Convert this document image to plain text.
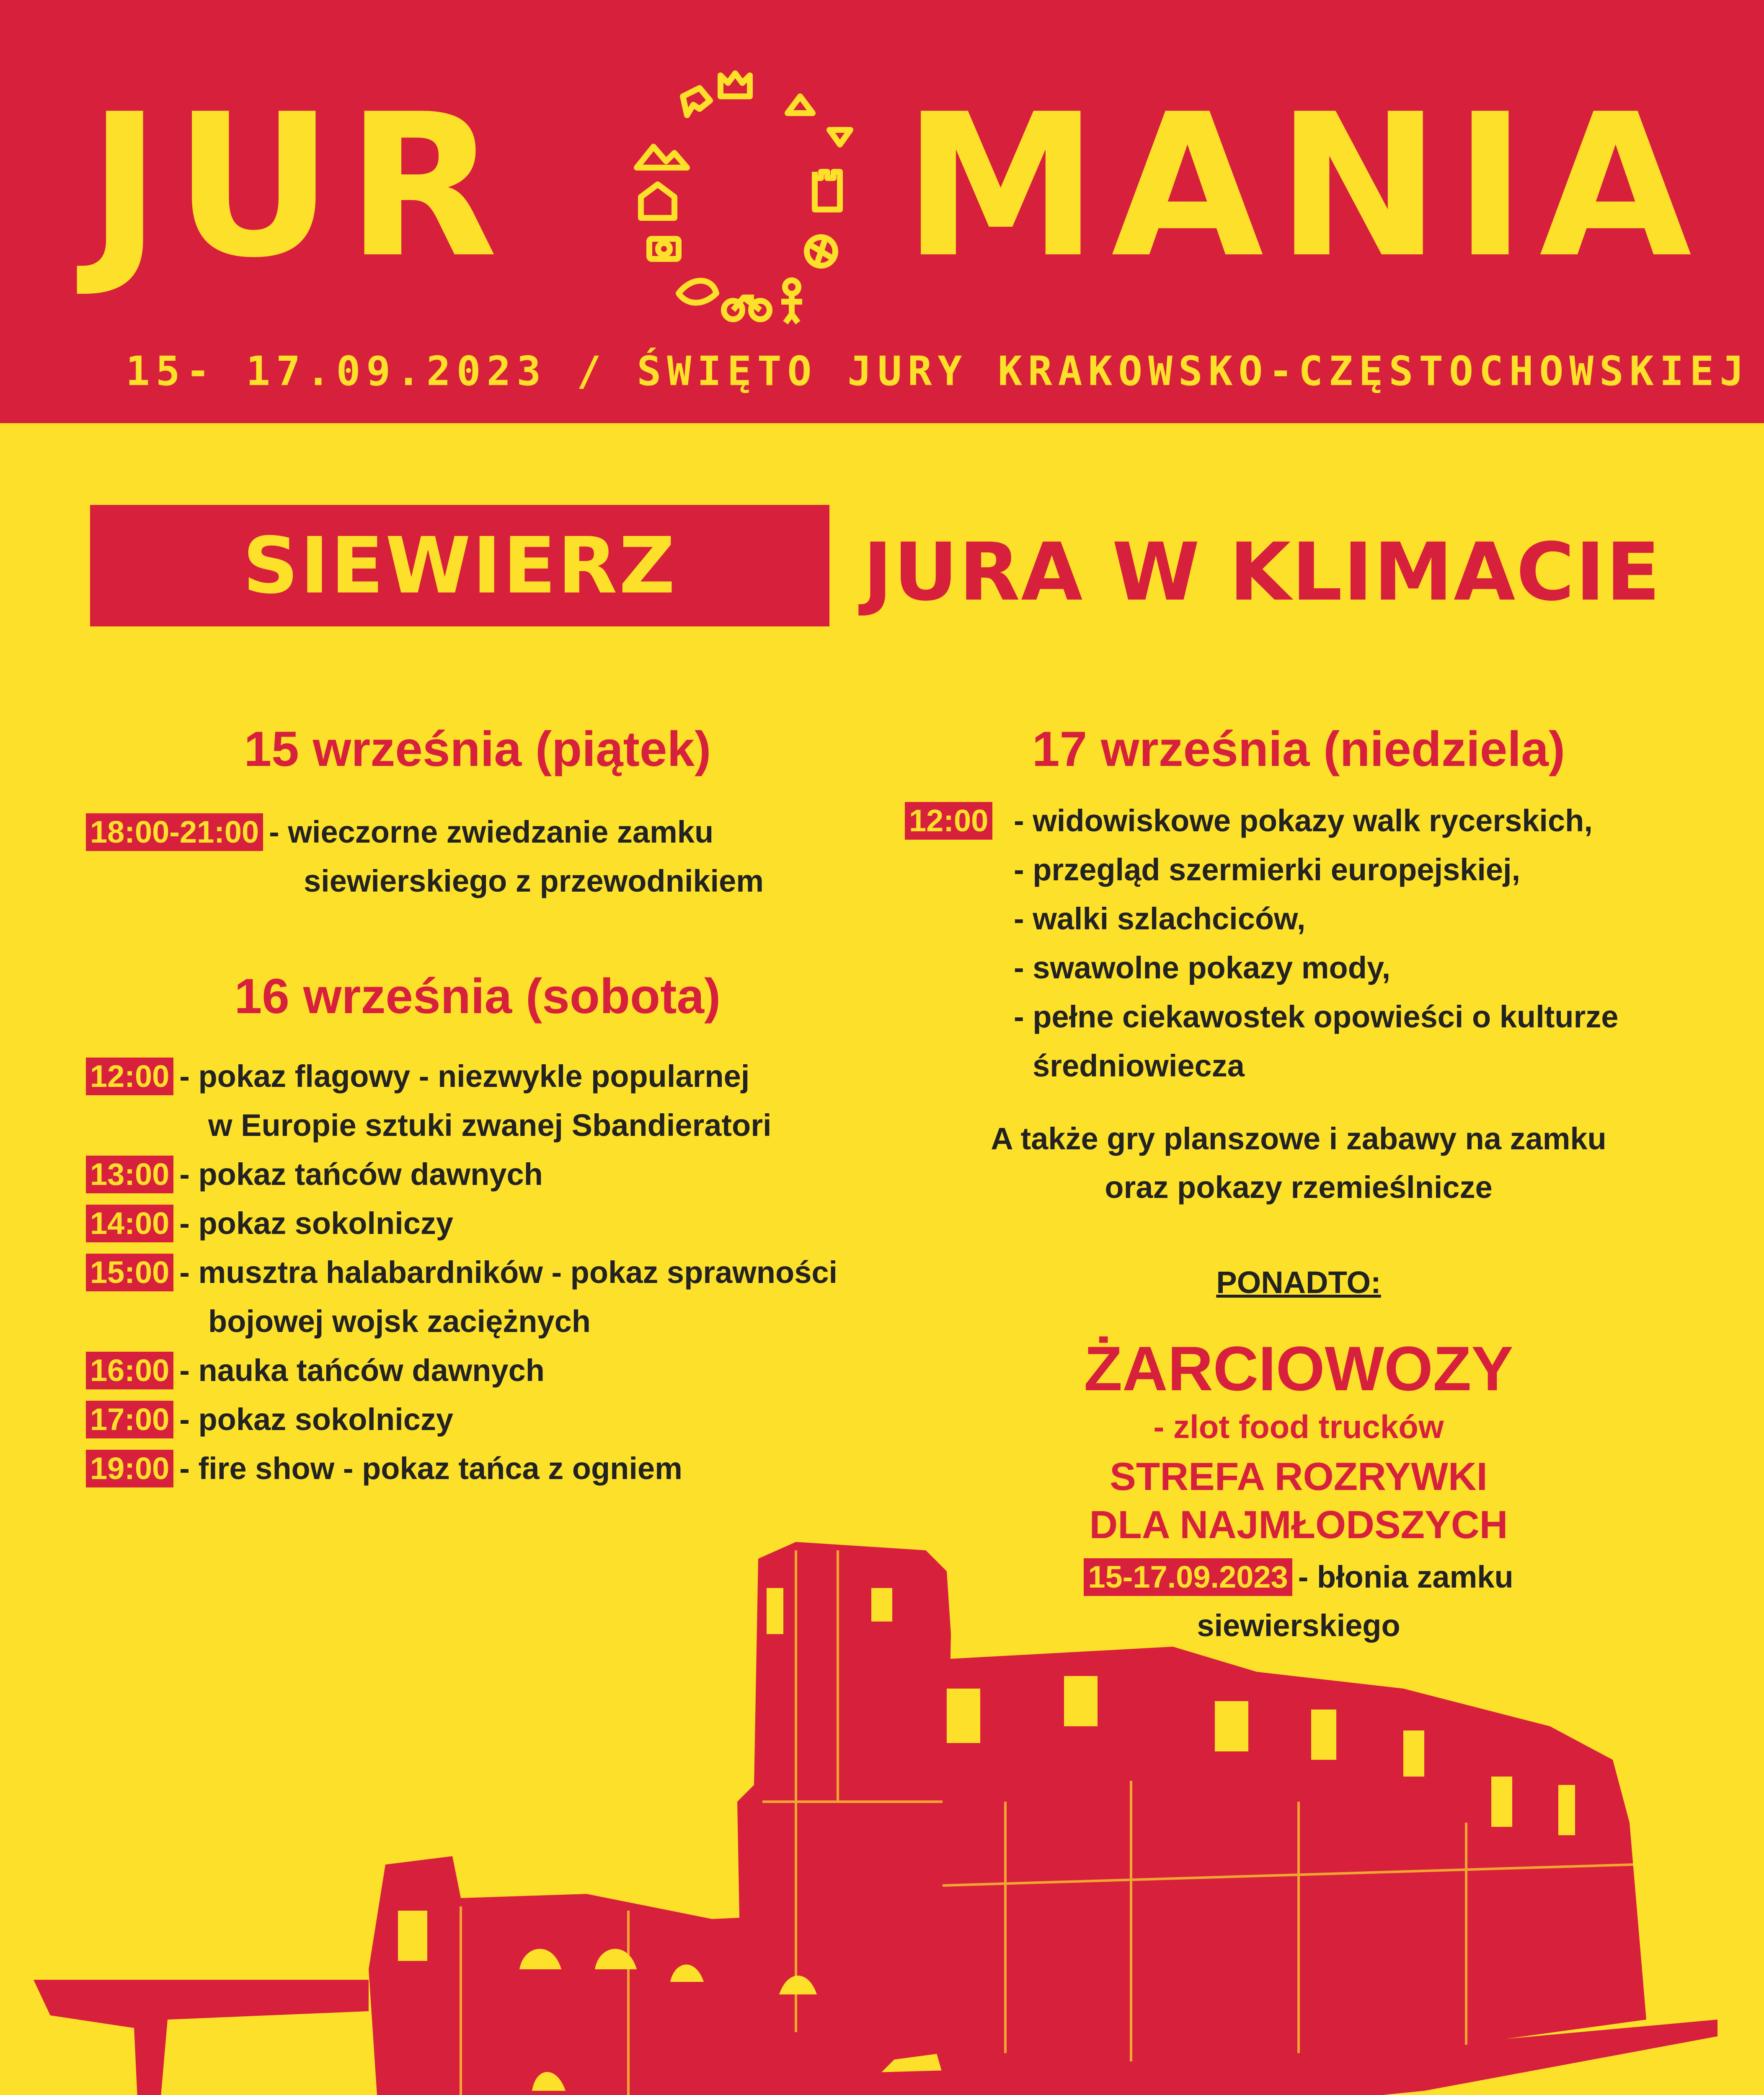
JUR MANIA
15- 17.09.2023 / ŚWIĘTO JURY KRAKOWSKO-CZĘSTOCHOWSKIEJ
SIEWIERZ	JURA W KLIMACIE
15 września (piątek)
18:00-21:00 - wieczorne zwiedzanie zamku
siewierskiego z przewodnikiem
16 września (sobota)
12:00 - pokaz flagowy - niezwykle popularnej
w Europie sztuki zwanej Sbandieratori
13:00 - pokaz tańców dawnych
14:00 - pokaz sokolniczy
15:00 - musztra halabardników - pokaz sprawności
bojowej wojsk zaciężnych
16:00 - nauka tańców dawnych
17:00 - pokaz sokolniczy
19:00 - fire show - pokaz tańca z ogniem
17 września (niedziela)
12:00 - widowiskowe pokazy walk rycerskich,
- przegląd szermierki europejskiej,
- walki szlachciców,
- swawolne pokazy mody,
- pełne ciekawostek opowieści o kulturze
średniowiecza
A także gry planszowe i zabawy na zamku
oraz pokazy rzemieślnicze
PONADTO:
ŻARCIOWOZY
- zlot food trucków
STREFA ROZRYWKI
DLA NAJMŁODSZYCH
15-17.09.2023 - błonia zamku
siewierskiego
